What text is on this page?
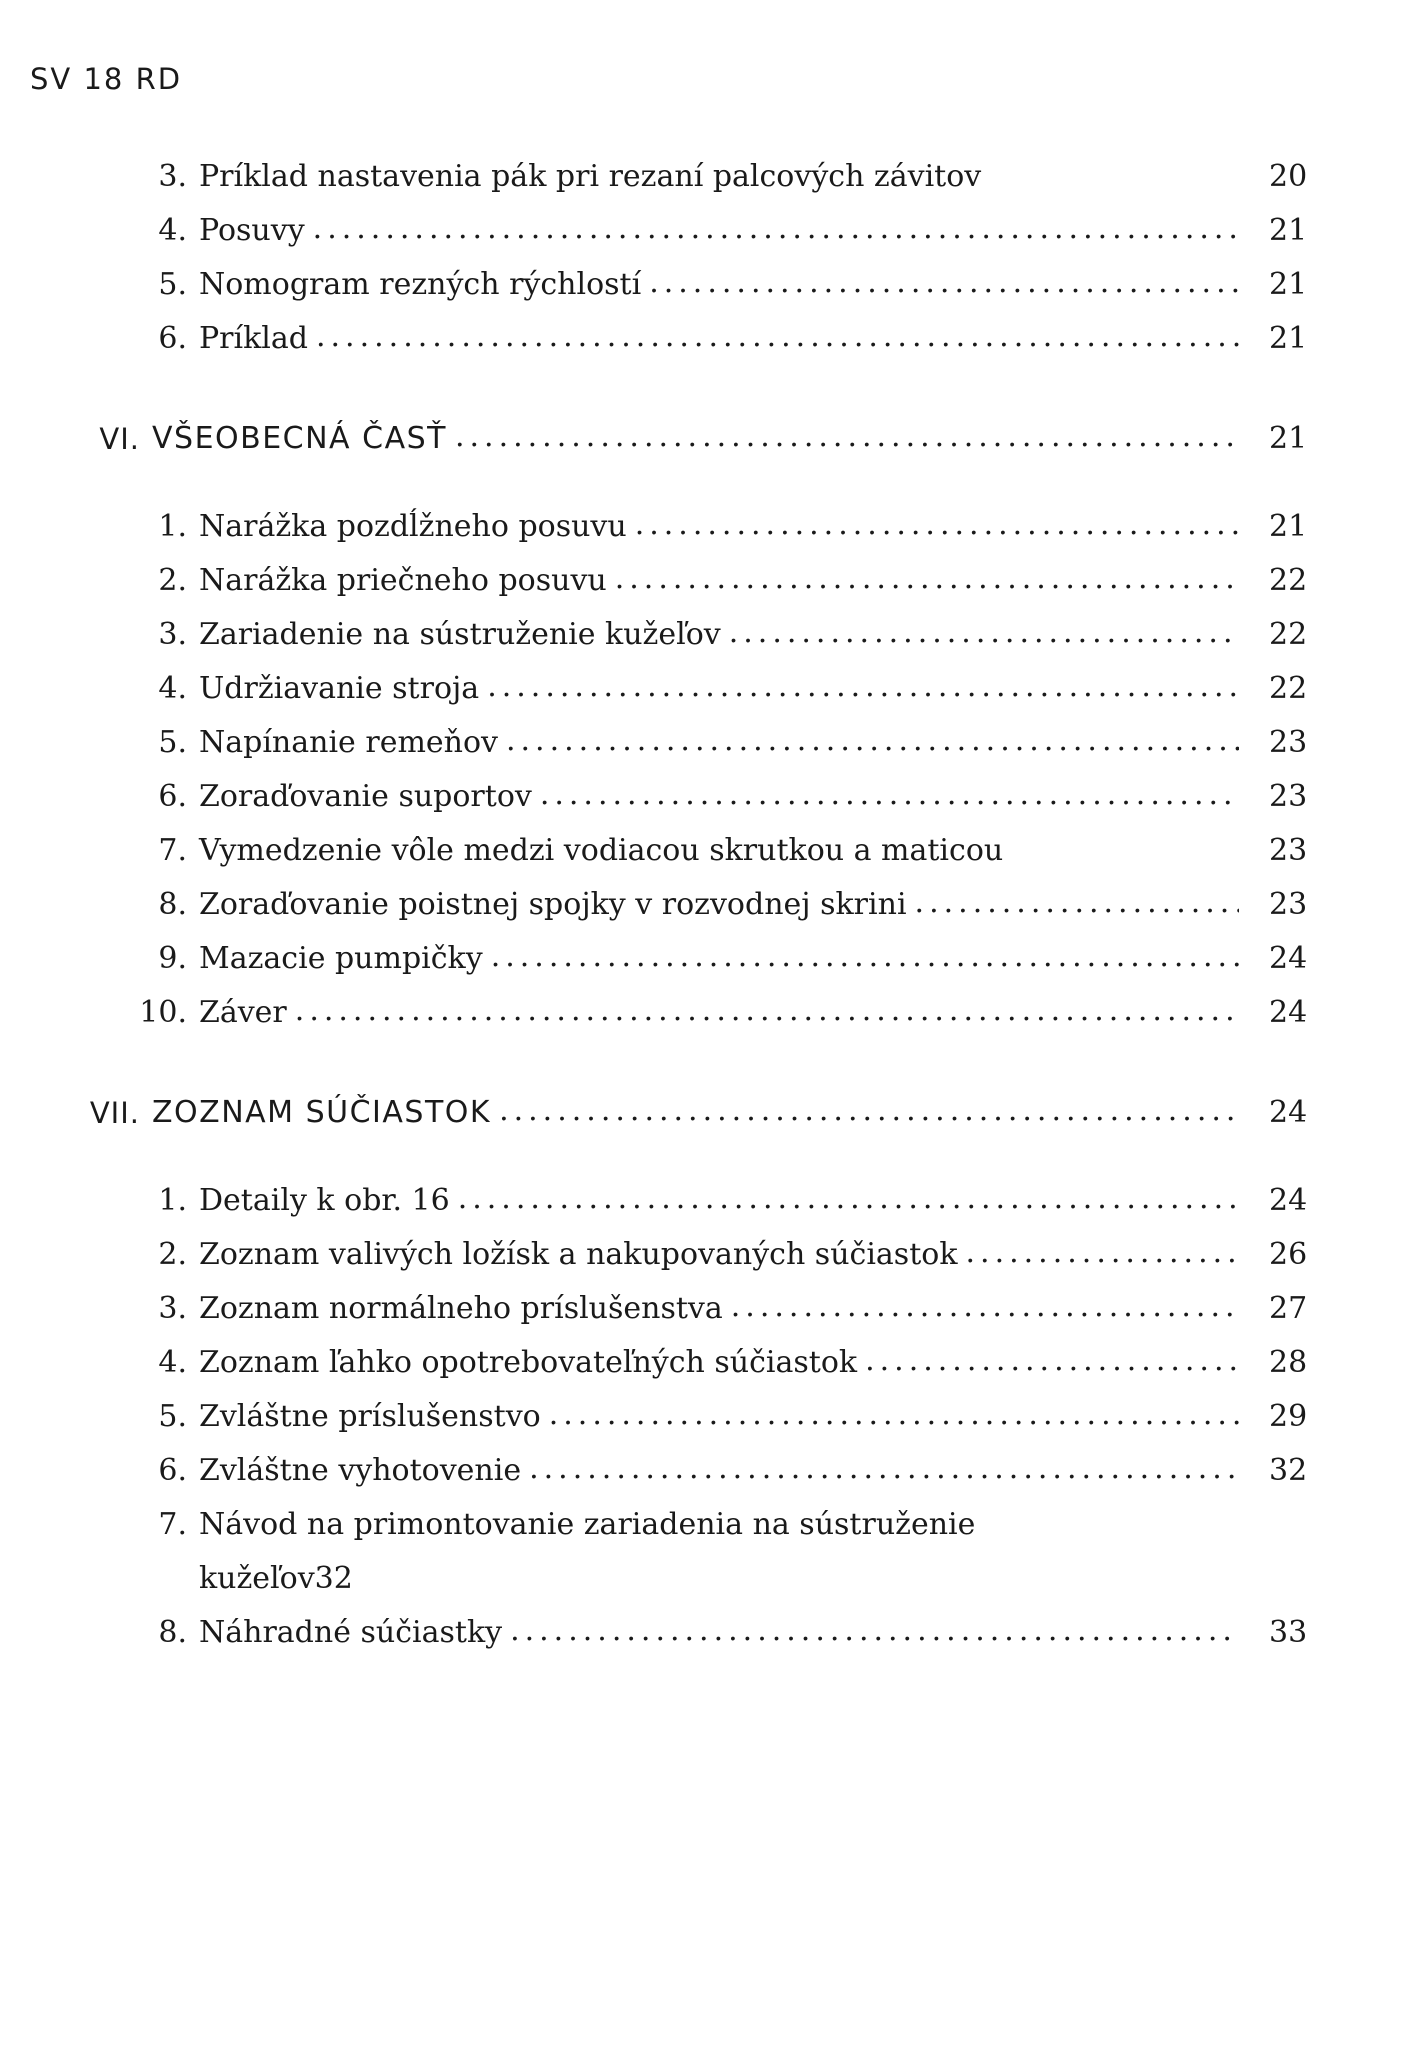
SV 18 RD
3. Príklad nastavenia pák pri rezaní palcových závitov	20
4. Posuvy .....	21
5. Nomogram rezných rýchlostí .....	21
6. Príklad .....	21
VI. VŠEOBECNÁ ČASŤ .....	21
1. Narážka pozdĺžneho posuvu .....	21
2. Narážka priečneho posuvu .....	22
3. Zariadenie na sústruženie kužeľov .....	22
4. Udržiavanie stroja .....	22
5. Napínanie remeňov .....	23
6. Zoraďovanie suportov .....	23
7. Vymedzenie vôle medzi vodiacou skrutkou a maticou	23
8. Zoraďovanie poistnej spojky v rozvodnej skrini .....	23
9. Mazacie pumpičky .....	24
10. Záver .....	24
VII. ZOZNAM SÚČIASTOK .....	24
1. Detaily k obr. 16 .....	24
2. Zoznam valivých ložísk a nakupovaných súčiastok .....	26
3. Zoznam normálneho príslušenstva .....	27
4. Zoznam ľahko opotrebovateľných súčiastok .....	28
5. Zvláštne príslušenstvo .....	29
6. Zvláštne vyhotovenie .....	32
7. Návod na primontovanie zariadenia na sústruženie
kužeľov 32
8. Náhradné súčiastky .....	33
